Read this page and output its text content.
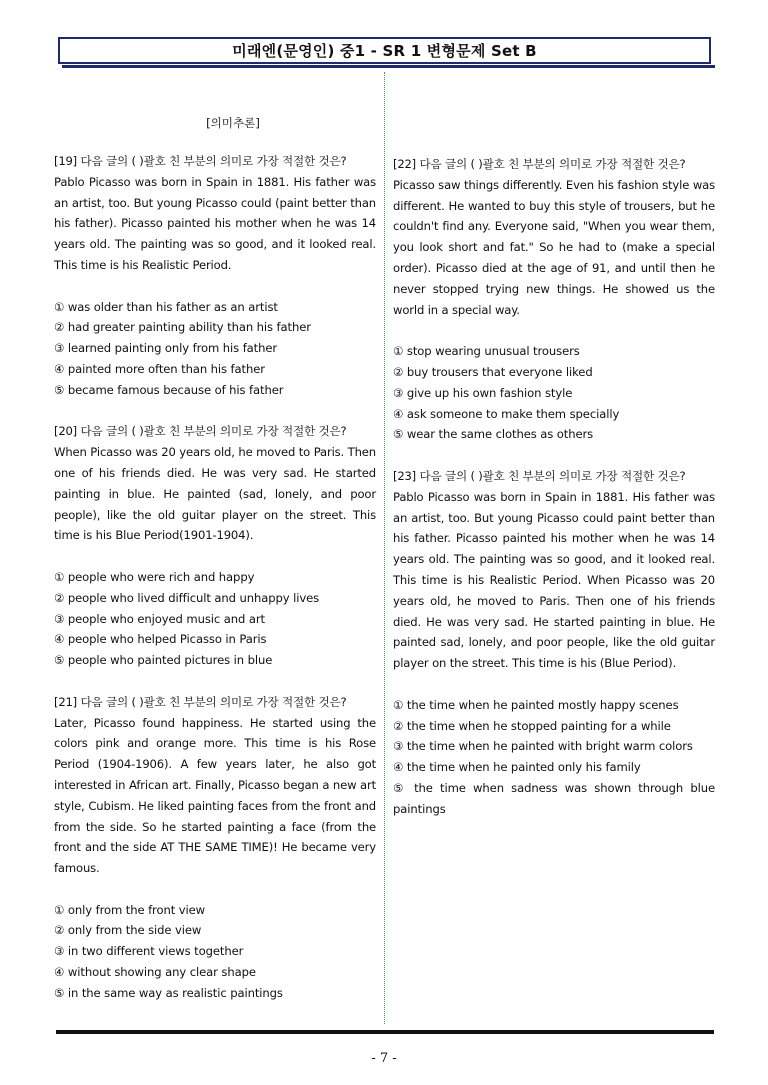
미래엔(문영인) 중1 - SR 1 변형문제 Set B
[의미추론]
[19] 다음 글의 ( )괄호 친 부분의 의미로 가장 적절한 것은?
Pablo Picasso was born in Spain in 1881. His father was an artist, too. But young Picasso could (paint better than his father). Picasso painted his mother when he was 14 years old. The painting was so good, and it looked real. This time is his Realistic Period.
① was older than his father as an artist
② had greater painting ability than his father
③ learned painting only from his father
④ painted more often than his father
⑤ became famous because of his father
[20] 다음 글의 ( )괄호 친 부분의 의미로 가장 적절한 것은?
When Picasso was 20 years old, he moved to Paris. Then one of his friends died. He was very sad. He started painting in blue. He painted (sad, lonely, and poor people), like the old guitar player on the street. This time is his Blue Period(1901-1904).
① people who were rich and happy
② people who lived difficult and unhappy lives
③ people who enjoyed music and art
④ people who helped Picasso in Paris
⑤ people who painted pictures in blue
[21] 다음 글의 ( )괄호 친 부분의 의미로 가장 적절한 것은?
Later, Picasso found happiness. He started using the colors pink and orange more. This time is his Rose Period (1904-1906). A few years later, he also got interested in African art. Finally, Picasso began a new art style, Cubism. He liked painting faces from the front and from the side. So he started painting a face (from the front and the side AT THE SAME TIME)! He became very famous.
① only from the front view
② only from the side view
③ in two different views together
④ without showing any clear shape
⑤ in the same way as realistic paintings
[22] 다음 글의 ( )괄호 친 부분의 의미로 가장 적절한 것은?
Picasso saw things differently. Even his fashion style was different. He wanted to buy this style of trousers, but he couldn't find any. Everyone said, "When you wear them, you look short and fat." So he had to (make a special order). Picasso died at the age of 91, and until then he never stopped trying new things. He showed us the world in a special way.
① stop wearing unusual trousers
② buy trousers that everyone liked
③ give up his own fashion style
④ ask someone to make them specially
⑤ wear the same clothes as others
[23] 다음 글의 ( )괄호 친 부분의 의미로 가장 적절한 것은?
Pablo Picasso was born in Spain in 1881. His father was an artist, too. But young Picasso could paint better than his father. Picasso painted his mother when he was 14 years old. The painting was so good, and it looked real. This time is his Realistic Period. When Picasso was 20 years old, he moved to Paris. Then one of his friends died. He was very sad. He started painting in blue. He painted sad, lonely, and poor people, like the old guitar player on the street. This time is his (Blue Period).
① the time when he painted mostly happy scenes
② the time when he stopped painting for a while
③ the time when he painted with bright warm colors
④ the time when he painted only his family
⑤ the time when sadness was shown through blue paintings
- 7 -
